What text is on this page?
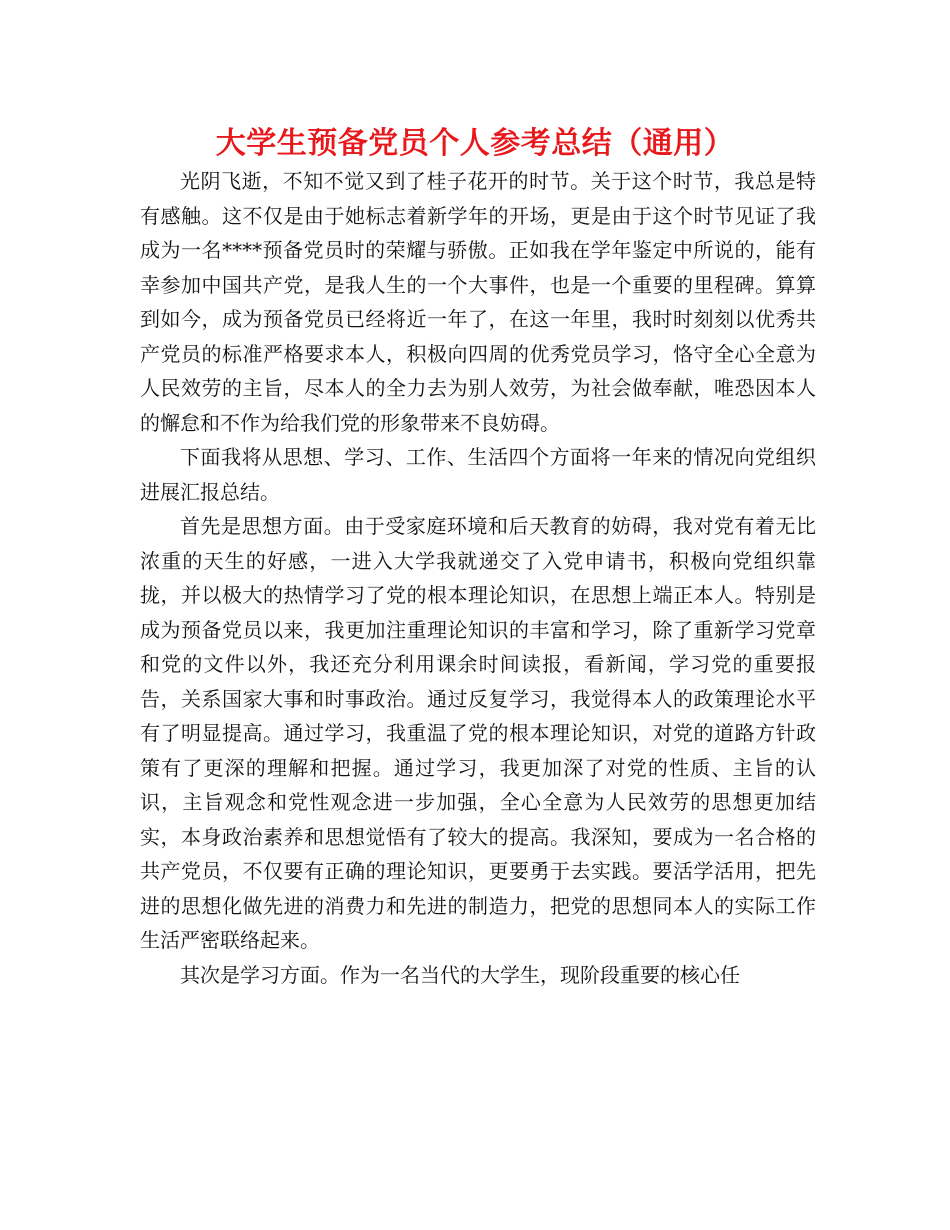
大学生预备党员个人参考总结（通用）

光阴飞逝，不知不觉又到了桂子花开的时节。关于这个时节，我总是特有感触。这不仅是由于她标志着新学年的开场，更是由于这个时节见证了我成为一名****预备党员时的荣耀与骄傲。正如我在学年鉴定中所说的，能有幸参加中国共产党，是我人生的一个大事件，也是一个重要的里程碑。算算到如今，成为预备党员已经将近一年了，在这一年里，我时时刻刻以优秀共产党员的标准严格要求本人，积极向四周的优秀党员学习，恪守全心全意为人民效劳的主旨，尽本人的全力去为别人效劳，为社会做奉献，唯恐因本人的懈怠和不作为给我们党的形象带来不良妨碍。

下面我将从思想、学习、工作、生活四个方面将一年来的情况向党组织进展汇报总结。

首先是思想方面。由于受家庭环境和后天教育的妨碍，我对党有着无比浓重的天生的好感，一进入大学我就递交了入党申请书，积极向党组织靠拢，并以极大的热情学习了党的根本理论知识，在思想上端正本人。特别是成为预备党员以来，我更加注重理论知识的丰富和学习，除了重新学习党章和党的文件以外，我还充分利用课余时间读报，看新闻，学习党的重要报告，关系国家大事和时事政治。通过反复学习，我觉得本人的政策理论水平有了明显提高。通过学习，我重温了党的根本理论知识，对党的道路方针政策有了更深的理解和把握。通过学习，我更加深了对党的性质、主旨的认识，主旨观念和党性观念进一步加强，全心全意为人民效劳的思想更加结实，本身政治素养和思想觉悟有了较大的提高。我深知，要成为一名合格的共产党员，不仅要有正确的理论知识，更要勇于去实践。要活学活用，把先进的思想化做先进的消费力和先进的制造力，把党的思想同本人的实际工作生活严密联络起来。

其次是学习方面。作为一名当代的大学生，现阶段重要的核心任
